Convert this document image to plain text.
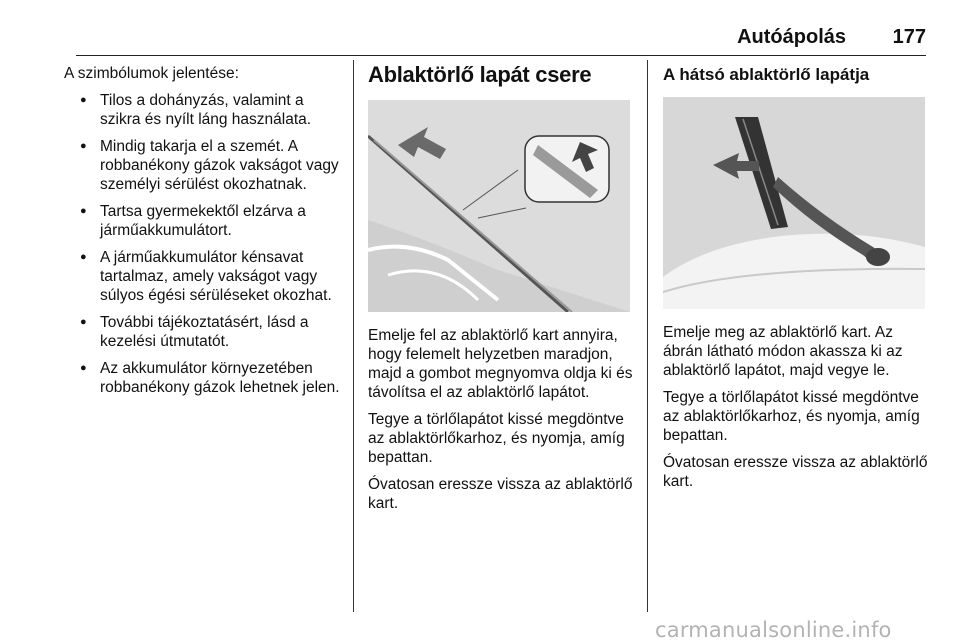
Autóápolás 177

A szimbólumok jelentése:

● Tilos a dohányzás, valamint a szikra és nyílt láng használata.
● Mindig takarja el a szemét. A robbanékony gázok vakságot vagy személyi sérülést okozhatnak.
● Tartsa gyermekektől elzárva a járműakkumulátort.
● A járműakkumulátor kénsavat tartalmaz, amely vakságot vagy súlyos égési sérüléseket okozhat.
● További tájékoztatásért, lásd a kezelési útmutatót.
● Az akkumulátor környezetében robbanékony gázok lehetnek jelen.
Ablaktörlő lapát csere

Emelje fel az ablaktörlő kart annyira, hogy felemelt helyzetben maradjon, majd a gombot megnyomva oldja ki és távolítsa el az ablaktörlő lapátot.

Tegye a törlőlapátot kissé megdöntve az ablaktörlőkarhoz, és nyomja, amíg bepattan.

Óvatosan eressze vissza az ablaktörlő kart.

A hátsó ablaktörlő lapátja

Emelje meg az ablaktörlő kart. Az ábrán látható módon akassza ki az ablaktörlő lapátot, majd vegye le.

Tegye a törlőlapátot kissé megdöntve az ablaktörlőkarhoz, és nyomja, amíg bepattan.

Óvatosan eressze vissza az ablaktörlő kart.

carmanualsonline.info
